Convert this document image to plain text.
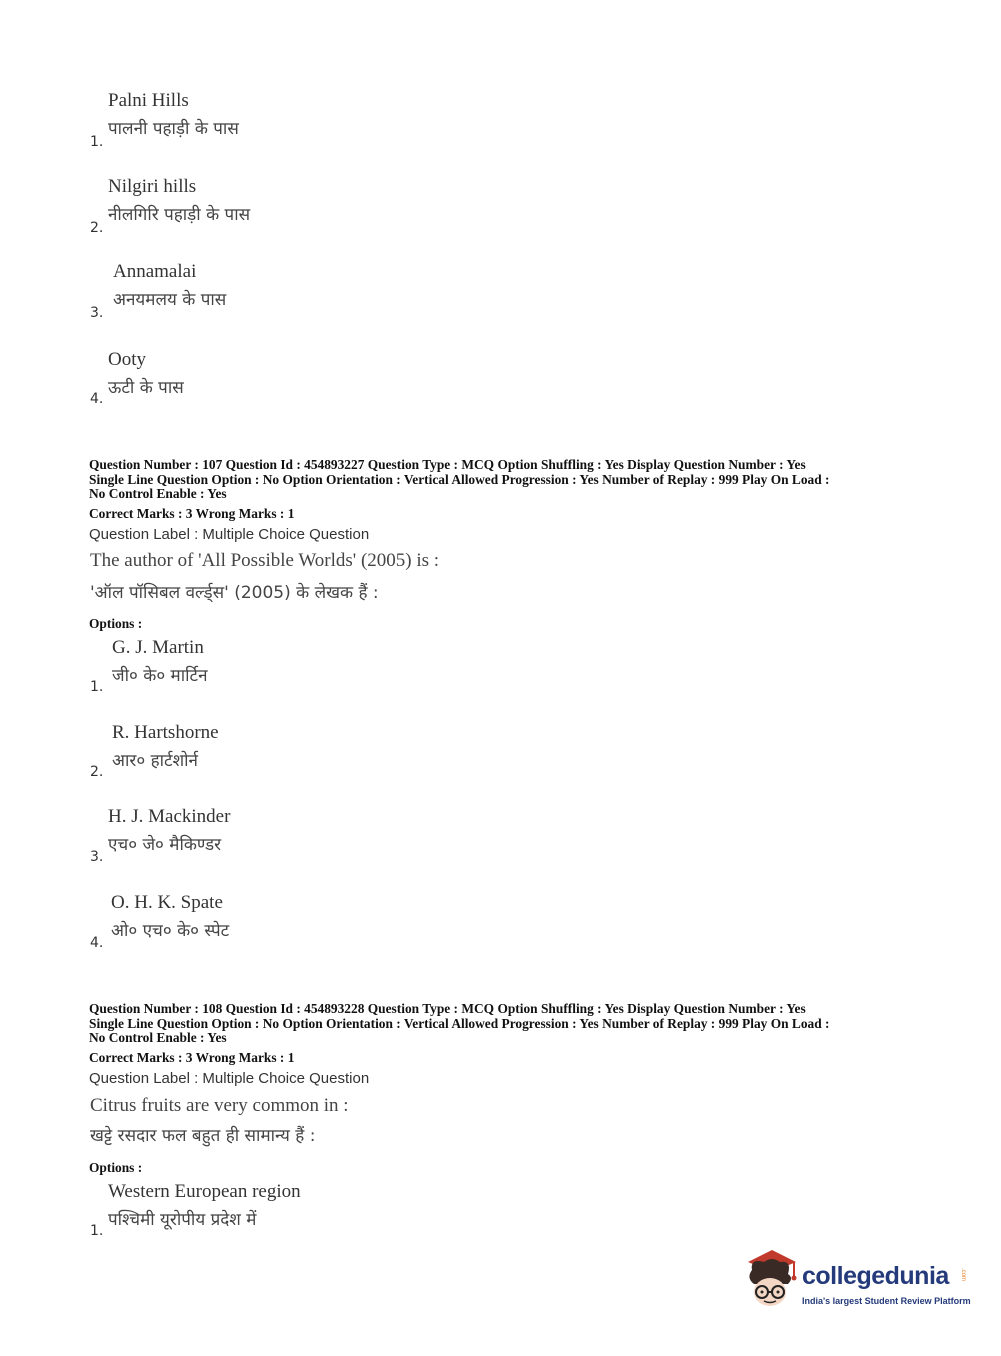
Palni Hills
पालनी पहाड़ी के पास
1.
Nilgiri hills
नीलगिरि पहाड़ी के पास
2.
Annamalai
अनयमलय के पास
3.
Ooty
ऊटी के पास
4.
Question Number : 107 Question Id : 454893227 Question Type : MCQ Option Shuffling : Yes Display Question Number : Yes
Single Line Question Option : No Option Orientation : Vertical Allowed Progression : Yes Number of Replay : 999 Play On Load :
No Control Enable : Yes
Correct Marks : 3 Wrong Marks : 1
Question Label : Multiple Choice Question
The author of 'All Possible Worlds' (2005) is :
'ऑल पॉसिबल वर्ल्ड्स' (2005) के लेखक हैं :
Options :
G. J. Martin
जी० के० मार्टिन
1.
R. Hartshorne
आर० हार्टशोर्न
2.
H. J. Mackinder
एच० जे० मैकिण्डर
3.
O. H. K. Spate
ओ० एच० के० स्पेट
4.
Question Number : 108 Question Id : 454893228 Question Type : MCQ Option Shuffling : Yes Display Question Number : Yes
Single Line Question Option : No Option Orientation : Vertical Allowed Progression : Yes Number of Replay : 999 Play On Load :
No Control Enable : Yes
Correct Marks : 3 Wrong Marks : 1
Question Label : Multiple Choice Question
Citrus fruits are very common in :
खट्टे रसदार फल बहुत ही सामान्य हैं :
Options :
Western European region
पश्चिमी यूरोपीय प्रदेश में
1.
collegedunia .com
India's largest Student Review Platform
